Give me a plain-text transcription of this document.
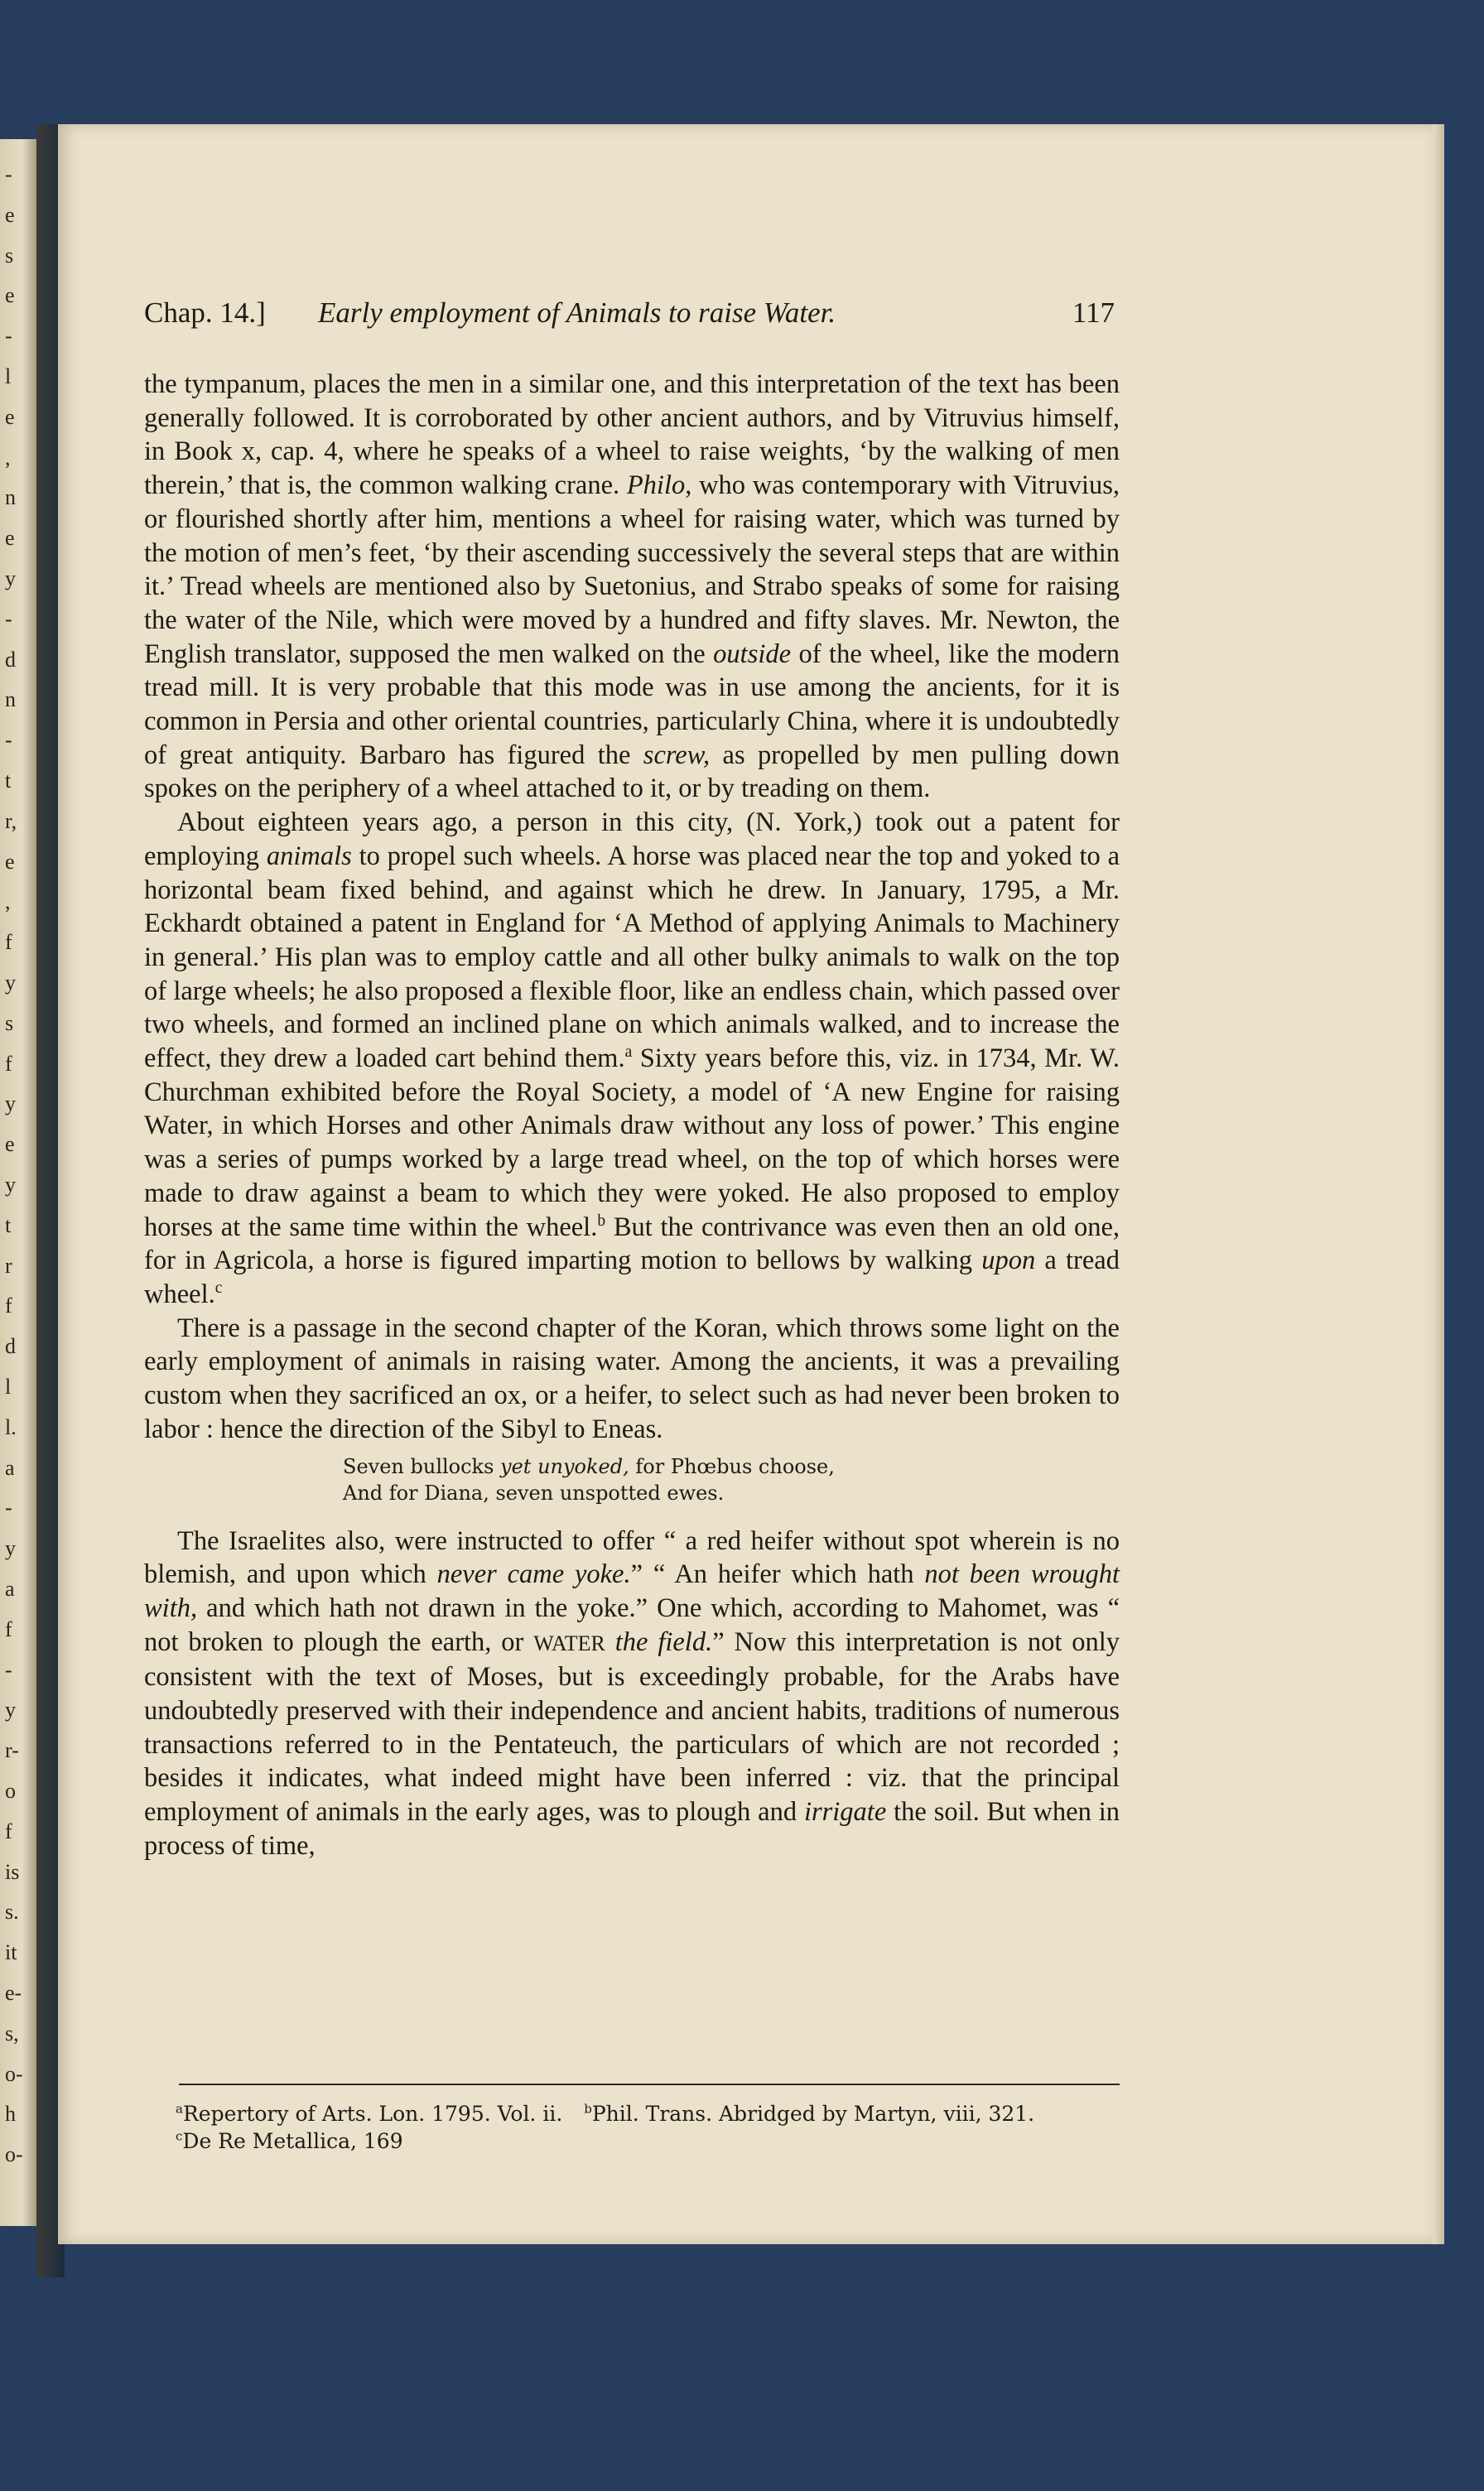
-
e
s
e
-
l
e
,
n
e
y
-
d
n
-
t
r,
e
,
f
y
s
f
y
e
y
t
r
f
d
l
l.
a
-
y
a
f
-
y
r-
o
f
is
s.
it
e-
s,
o-
h
o-
Chap. 14.] Early employment of Animals to raise Water.	117

the tympanum, places the men in a similar one, and this interpretation of the text has been generally followed. It is corroborated by other ancient authors, and by Vitruvius himself, in Book x, cap. 4, where he speaks of a wheel to raise weights, ‘by the walking of men therein,’ that is, the common walking crane. Philo, who was contemporary with Vitruvius, or flourished shortly after him, mentions a wheel for raising water, which was turned by the motion of men’s feet, ‘by their ascending successively the several steps that are within it.’ Tread wheels are mentioned also by Suetonius, and Strabo speaks of some for raising the water of the Nile, which were moved by a hundred and fifty slaves. Mr. Newton, the English translator, supposed the men walked on the outside of the wheel, like the modern tread mill. It is very probable that this mode was in use among the ancients, for it is common in Persia and other oriental countries, particularly China, where it is undoubtedly of great antiquity. Barbaro has figured the screw, as propelled by men pulling down spokes on the periphery of a wheel attached to it, or by treading on them.

About eighteen years ago, a person in this city, (N. York,) took out a patent for employing animals to propel such wheels. A horse was placed near the top and yoked to a horizontal beam fixed behind, and against which he drew. In January, 1795, a Mr. Eckhardt obtained a patent in England for ‘A Method of applying Animals to Machinery in general.’ His plan was to employ cattle and all other bulky animals to walk on the top of large wheels; he also proposed a flexible floor, like an endless chain, which passed over two wheels, and formed an inclined plane on which animals walked, and to increase the effect, they drew a loaded cart behind them.$^a$ Sixty years before this, viz. in 1734, Mr. W. Churchman exhibited before the Royal Society, a model of ‘A new Engine for raising Water, in which Horses and other Animals draw without any loss of power.’ This engine was a series of pumps worked by a large tread wheel, on the top of which horses were made to draw against a beam to which they were yoked. He also proposed to employ horses at the same time within the wheel.$^b$ But the contrivance was even then an old one, for in Agricola, a horse is figured imparting motion to bellows by walking upon a tread wheel.$^c$

There is a passage in the second chapter of the Koran, which throws some light on the early employment of animals in raising water. Among the ancients, it was a prevailing custom when they sacrificed an ox, or a heifer, to select such as had never been broken to labor : hence the direction of the Sibyl to Eneas.

Seven bullocks yet unyoked, for Phœbus choose,
And for Diana, seven unspotted ewes.

The Israelites also, were instructed to offer “ a red heifer without spot wherein is no blemish, and upon which never came yoke.” “ An heifer which hath not been wrought with, and which hath not drawn in the yoke.” One which, according to Mahomet, was “ not broken to plough the earth, or WATER the field.” Now this interpretation is not only consistent with the text of Moses, but is exceedingly probable, for the Arabs have undoubtedly preserved with their independence and ancient habits, traditions of numerous transactions referred to in the Pentateuch, the particulars of which are not recorded ; besides it indicates, what indeed might have been inferred : viz. that the principal employment of animals in the early ages, was to plough and irrigate the soil. But when in process of time,

$^a$Repertory of Arts. Lon. 1795. Vol. ii. $^b$Phil. Trans. Abridged by Martyn, viii, 321.
$^c$De Re Metallica, 169
